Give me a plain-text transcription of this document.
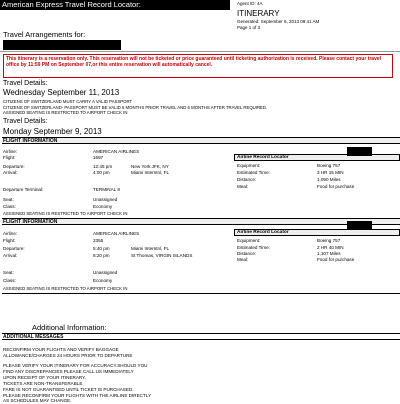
American Express Travel Record Locator:	Agent ID: 4A
ITINERARY
Generated: September 6, 2013 09:41 AM
Page 1 of 3
Travel Arrangements for:

This itinerary is a reservation only. This reservation will not be ticketed or price guaranteed until ticketing authorization is received. Please contact your travel office by 11:59 PM on September 07,or this entire reservation will automatically cancel.

Travel Details:
Wednesday September 11, 2013
CITIZENS OF SWITZERLAND MUST CARRY A VALID PASSPORT
CITIZENS OF SWITZERLAND- PASSPORT MUST BE VALID 6 MONTHS PRIOR TRAVEL AND 6 MONTHS AFTER TRAVEL REQUIRED.
ASSIGNED SEATING IS RESTRICTED TO AIRPORT CHECK IN
Travel Details:
Monday September 9, 2013
FLIGHT INFORMATION
Airline:	AMERICAN AIRLINES
Flight:	1697
Departure:	12:45 pm	New York JFK, NY
Arrival:	4:00 pm	Miami Interntnl, FL
Departure Terminal:	TERMINAL 8
Seat:	Unassigned
Class:	Economy
ASSIGNED SEATING IS RESTRICTED TO AIRPORT CHECK IN
Airline Record Locator
Equipment:	Boeing 757
Estimated Time:	3 HR 15 MIN
Distance:	1,090 Miles
Meal:	Food for purchase
FLIGHT INFORMATION
Airline:	AMERICAN AIRLINES
Flight:	2355
Departure:	5:40 pm	Miami Interntnl, FL
Arrival:	8:20 pm	St Thomas, VIRGIN ISLANDS
Seat:	Unassigned
Class:	Economy
ASSIGNED SEATING IS RESTRICTED TO AIRPORT CHECK IN
Airline Record Locator
Equipment:	Boeing 757
Estimated Time:	2 HR 40 MIN
Distance:	1,107 Miles
Meal:	Food for purchase
Additional Information:
ADDITIONAL MESSAGES
RECONFIRM YOUR FLIGHTS AND VERIFY BAGGAGE
ALLOWANCE/CHARGES 24 HOURS PRIOR TO DEPARTURE
PLEASE VERIFY YOUR ITINERARY FOR ACCURACY.SHOULD YOU
FIND ANY DISCREPANCIES PLEASE CALL US IMMEDIATELY
UPON RECEIPT OF YOUR ITINERARY.
TICKETS ARE NON-TRANSFERABLE
FARE IS NOT GUARANTEED UNTIL TICKET IS PURCHASED.
PLEASE RECONFIRM YOUR FLIGHTS WITH THE AIRLINE DIRECTLY
AS SCHEDULES MAY CHANGE.
